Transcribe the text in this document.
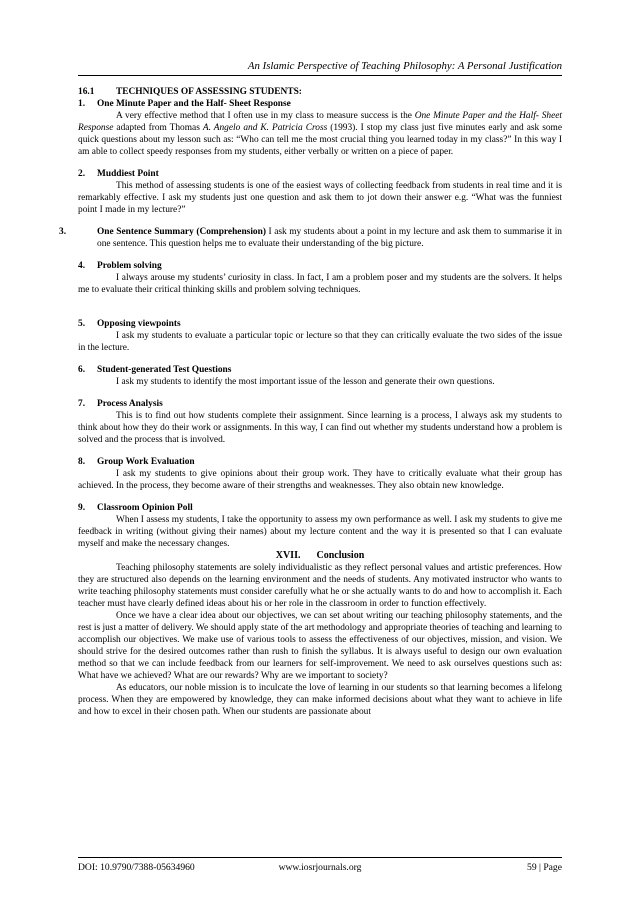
An Islamic Perspective of Teaching Philosophy: A Personal Justification

16.1 TECHNIQUES OF ASSESSING STUDENTS:

1. One Minute Paper and the Half- Sheet Response

A very effective method that I often use in my class to measure success is the One Minute Paper and the Half- Sheet Response adapted from Thomas A. Angelo and K. Patricia Cross (1993). I stop my class just five minutes early and ask some quick questions about my lesson such as: “Who can tell me the most crucial thing you learned today in my class?” In this way I am able to collect speedy responses from my students, either verbally or written on a piece of paper.

2. Muddiest Point

This method of assessing students is one of the easiest ways of collecting feedback from students in real time and it is remarkably effective. I ask my students just one question and ask them to jot down their answer e.g. “What was the funniest point I made in my lecture?”

3.	One Sentence Summary (Comprehension) I ask my students about a point in my lecture and ask them to summarise it in one sentence. This question helps me to evaluate their understanding of the big picture.

4. Problem solving

I always arouse my students’ curiosity in class. In fact, I am a problem poser and my students are the solvers. It helps me to evaluate their critical thinking skills and problem solving techniques.

5. Opposing viewpoints

I ask my students to evaluate a particular topic or lecture so that they can critically evaluate the two sides of the issue in the lecture.

6. Student-generated Test Questions

I ask my students to identify the most important issue of the lesson and generate their own questions.

7. Process Analysis

This is to find out how students complete their assignment. Since learning is a process, I always ask my students to think about how they do their work or assignments. In this way, I can find out whether my students understand how a problem is solved and the process that is involved.

8. Group Work Evaluation

I ask my students to give opinions about their group work. They have to critically evaluate what their group has achieved. In the process, they become aware of their strengths and weaknesses. They also obtain new knowledge.

9. Classroom Opinion Poll

When I assess my students, I take the opportunity to assess my own performance as well. I ask my students to give me feedback in writing (without giving their names) about my lecture content and the way it is presented so that I can evaluate myself and make the necessary changes.

XVII. Conclusion

Teaching philosophy statements are solely individualistic as they reflect personal values and artistic preferences. How they are structured also depends on the learning environment and the needs of students. Any motivated instructor who wants to write teaching philosophy statements must consider carefully what he or she actually wants to do and how to accomplish it. Each teacher must have clearly defined ideas about his or her role in the classroom in order to function effectively.

Once we have a clear idea about our objectives, we can set about writing our teaching philosophy statements, and the rest is just a matter of delivery. We should apply state of the art methodology and appropriate theories of teaching and learning to accomplish our objectives. We make use of various tools to assess the effectiveness of our objectives, mission, and vision. We should strive for the desired outcomes rather than rush to finish the syllabus. It is always useful to design our own evaluation method so that we can include feedback from our learners for self-improvement. We need to ask ourselves questions such as: What have we achieved? What are our rewards? Why are we important to society?

As educators, our noble mission is to inculcate the love of learning in our students so that learning becomes a lifelong process. When they are empowered by knowledge, they can make informed decisions about what they want to achieve in life and how to excel in their chosen path. When our students are passionate about

DOI: 10.9790/7388-05634960	www.iosrjournals.org	59 | Page
